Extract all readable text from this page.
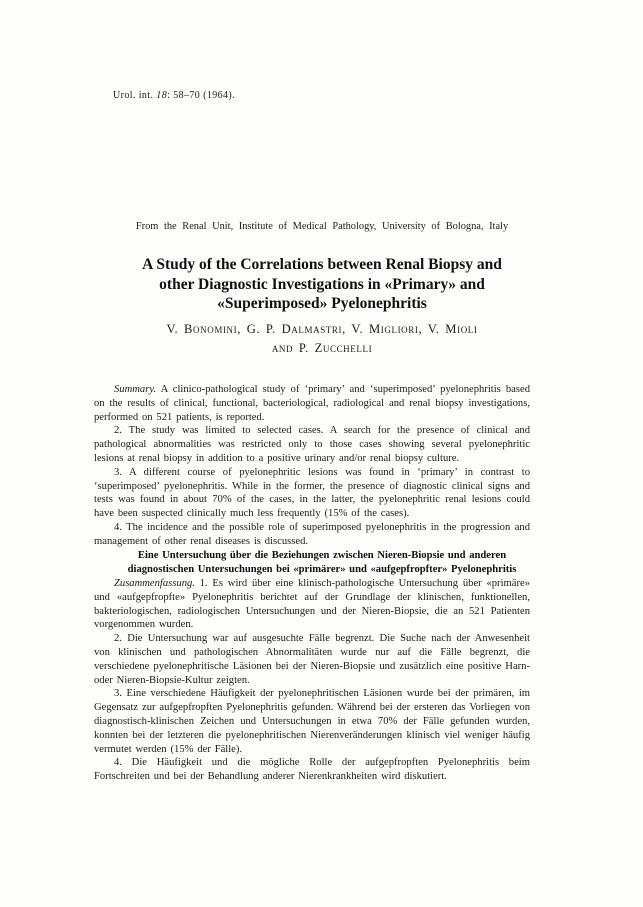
Urol. int. 18: 58–70 (1964).
From the Renal Unit, Institute of Medical Pathology, University of Bologna, Italy
A Study of the Correlations between Renal Biopsy and
other Diagnostic Investigations in «Primary» and
«Superimposed» Pyelonephritis
V. Bonomini, G. P. Dalmastri, V. Migliori, V. Mioli
and P. Zucchelli

Summary. A clinico-pathological study of ‘primary’ and ‘superimposed’ pyelonephritis based on the results of clinical, functional, bacteriological, radiological and renal biopsy investigations, performed on 521 patients, is reported.

2. The study was limited to selected cases. A search for the presence of clinical and pathological abnormalities was restricted only to those cases showing several pyelonephritic lesions at renal biopsy in addition to a positive urinary and/or renal biopsy culture.

3. A different course of pyelonephritic lesions was found in ‘primary’ in contrast to ‘superimposed’ pyelonephritis. While in the former, the presence of diagnostic clinical signs and tests was found in about 70% of the cases, in the latter, the pyelonephritic renal lesions could have been suspected clinically much less frequently (15% of the cases).

4. The incidence and the possible role of superimposed pyelonephritis in the progression and management of other renal diseases is discussed.

Eine Untersuchung über die Beziehungen zwischen Nieren-Biopsie und anderen
diagnostischen Untersuchungen bei «primärer» und «aufgepfropfter» Pyelonephritis

Zusammenfassung. 1. Es wird über eine klinisch-pathologische Untersuchung über «primäre» und «aufgepfropfte» Pyelonephritis berichtet auf der Grundlage der klinischen, funktionellen, bakteriologischen, radiologischen Untersuchungen und der Nieren-Biopsie, die an 521 Patienten vorgenommen wurden.

2. Die Untersuchung war auf ausgesuchte Fälle begrenzt. Die Suche nach der Anwesenheit von klinischen und pathologischen Abnormalitäten wurde nur auf die Fälle begrenzt, die verschiedene pyelonephritische Läsionen bei der Nieren-Biopsie und zusätzlich eine positive Harn- oder Nieren-Biopsie-Kultur zeigten.

3. Eine verschiedene Häufigkeit der pyelonephritischen Läsionen wurde bei der primären, im Gegensatz zur aufgepfropften Pyelonephritis gefunden. Während bei der ersteren das Vorliegen von diagnostisch-klinischen Zeichen und Untersuchungen in etwa 70% der Fälle gefunden wurden, konnten bei der letzteren die pyelonephritischen Nierenveränderungen klinisch viel weniger häufig vermutet werden (15% der Fälle).

4. Die Häufigkeit und die mögliche Rolle der aufgepfropften Pyelonephritis beim Fortschreiten und bei der Behandlung anderer Nierenkrankheiten wird diskutiert.
